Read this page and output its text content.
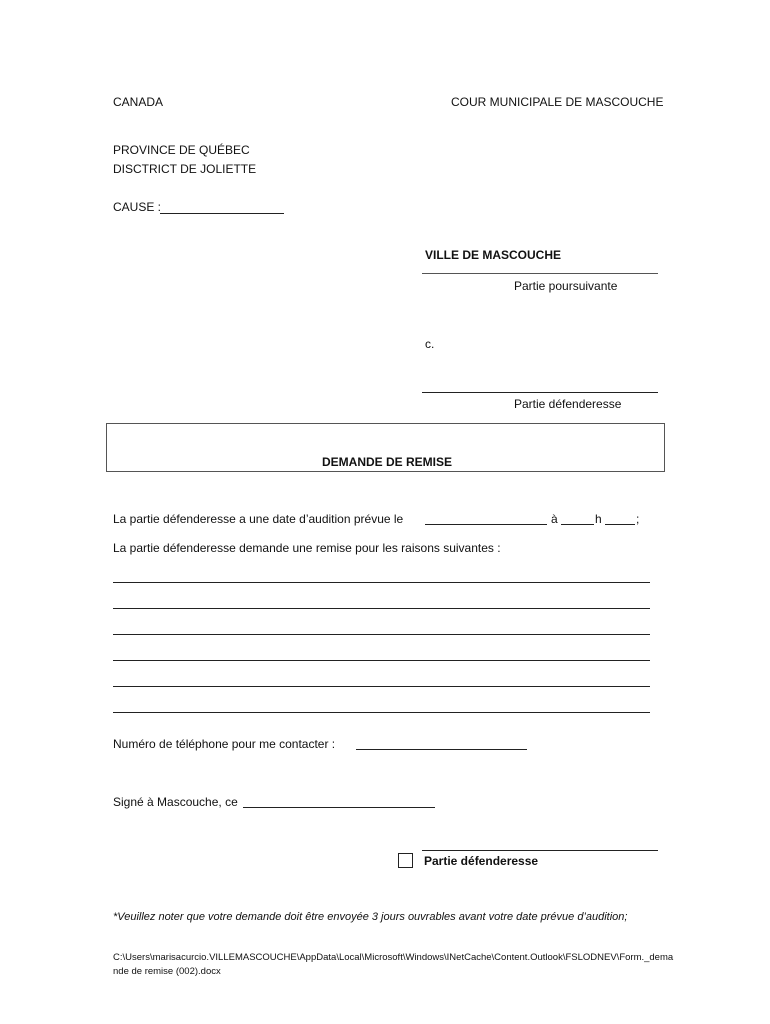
CANADA	COUR MUNICIPALE DE MASCOUCHE
PROVINCE DE QUÉBEC
DISCTRICT DE JOLIETTE
CAUSE :
VILLE DE MASCOUCHE
Partie poursuivante
c.
Partie défenderesse
DEMANDE DE REMISE
La partie défenderesse a une date d’audition prévue le	à	h	;
La partie défenderesse demande une remise pour les raisons suivantes :
Numéro de téléphone pour me contacter :
Signé à Mascouche, ce
Partie défenderesse
*Veuillez noter que votre demande doit être envoyée 3 jours ouvrables avant votre date prévue d’audition;
C:\Users\marisacurcio.VILLEMASCOUCHE\AppData\Local\Microsoft\Windows\INetCache\Content.Outlook\FSLODNEV\Form._dema
nde de remise (002).docx
